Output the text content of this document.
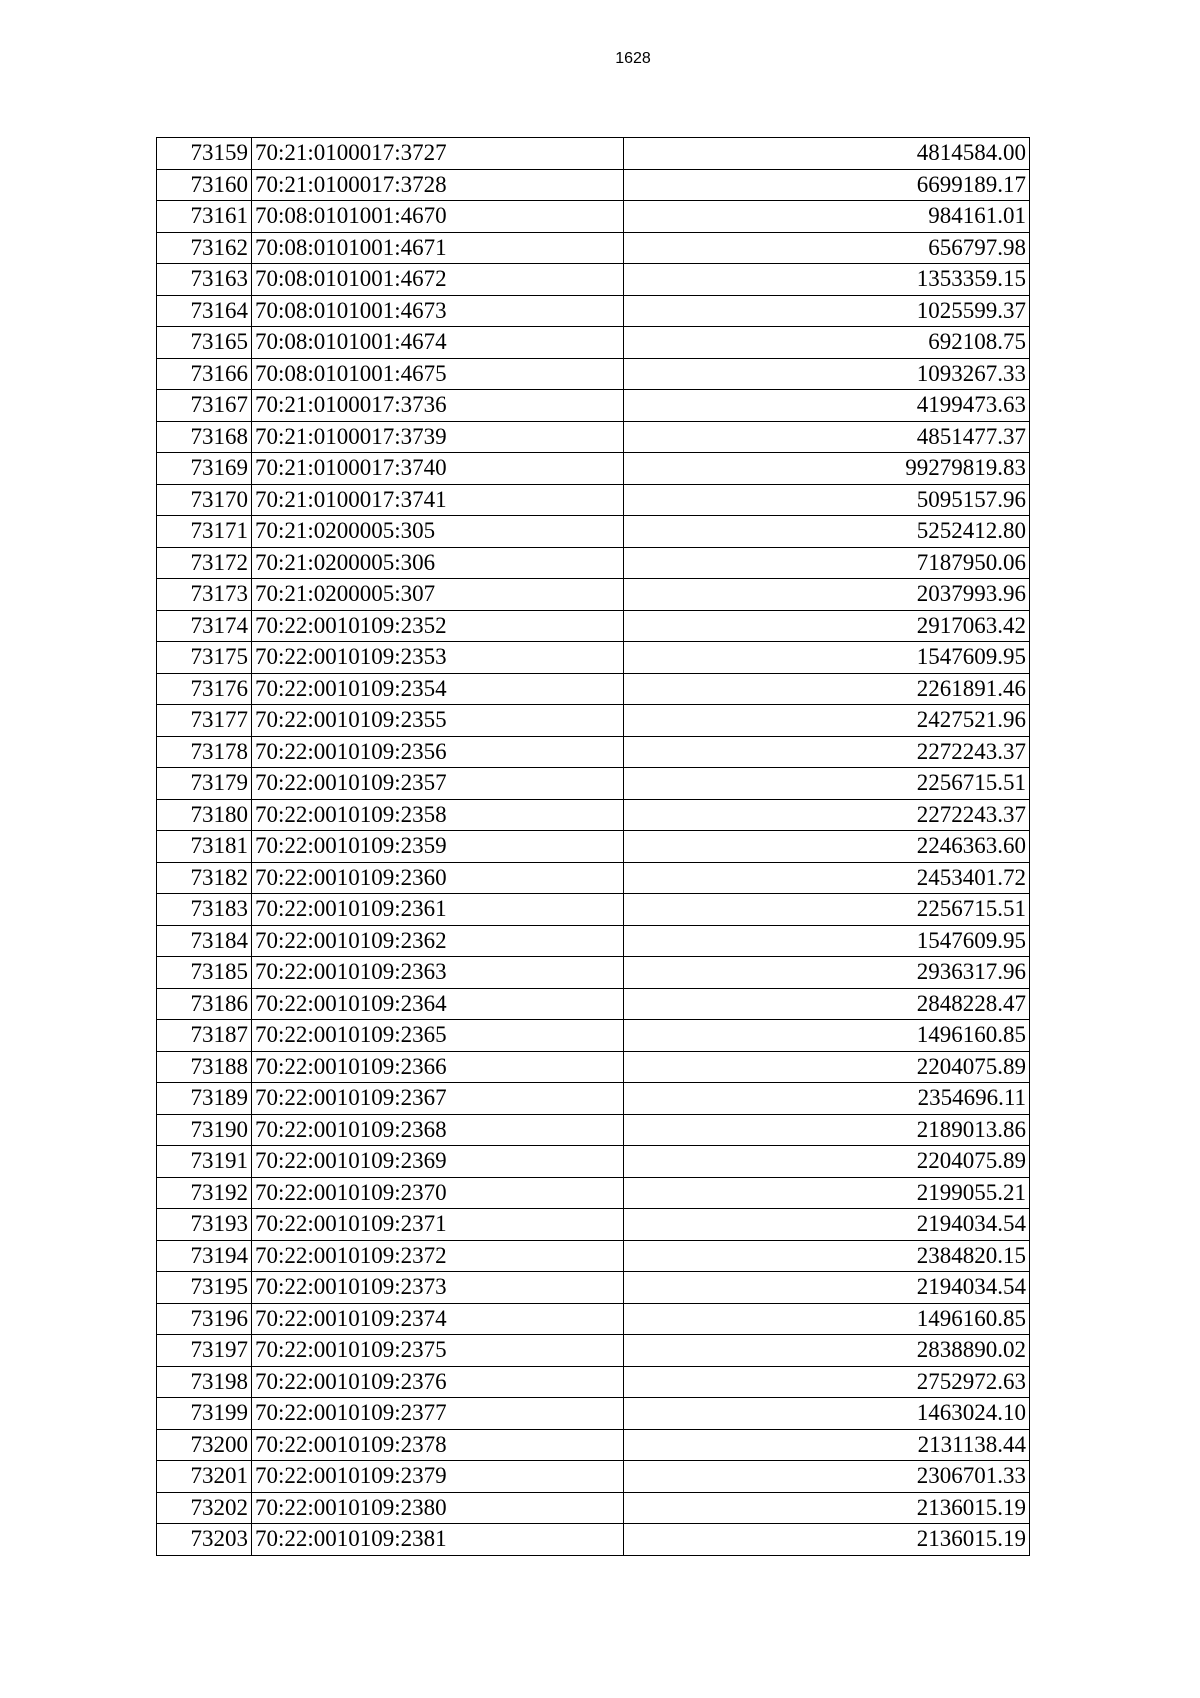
1628
73159	70:21:0100017:3727	4814584.00
73160	70:21:0100017:3728	6699189.17
73161	70:08:0101001:4670	984161.01
73162	70:08:0101001:4671	656797.98
73163	70:08:0101001:4672	1353359.15
73164	70:08:0101001:4673	1025599.37
73165	70:08:0101001:4674	692108.75
73166	70:08:0101001:4675	1093267.33
73167	70:21:0100017:3736	4199473.63
73168	70:21:0100017:3739	4851477.37
73169	70:21:0100017:3740	99279819.83
73170	70:21:0100017:3741	5095157.96
73171	70:21:0200005:305	5252412.80
73172	70:21:0200005:306	7187950.06
73173	70:21:0200005:307	2037993.96
73174	70:22:0010109:2352	2917063.42
73175	70:22:0010109:2353	1547609.95
73176	70:22:0010109:2354	2261891.46
73177	70:22:0010109:2355	2427521.96
73178	70:22:0010109:2356	2272243.37
73179	70:22:0010109:2357	2256715.51
73180	70:22:0010109:2358	2272243.37
73181	70:22:0010109:2359	2246363.60
73182	70:22:0010109:2360	2453401.72
73183	70:22:0010109:2361	2256715.51
73184	70:22:0010109:2362	1547609.95
73185	70:22:0010109:2363	2936317.96
73186	70:22:0010109:2364	2848228.47
73187	70:22:0010109:2365	1496160.85
73188	70:22:0010109:2366	2204075.89
73189	70:22:0010109:2367	2354696.11
73190	70:22:0010109:2368	2189013.86
73191	70:22:0010109:2369	2204075.89
73192	70:22:0010109:2370	2199055.21
73193	70:22:0010109:2371	2194034.54
73194	70:22:0010109:2372	2384820.15
73195	70:22:0010109:2373	2194034.54
73196	70:22:0010109:2374	1496160.85
73197	70:22:0010109:2375	2838890.02
73198	70:22:0010109:2376	2752972.63
73199	70:22:0010109:2377	1463024.10
73200	70:22:0010109:2378	2131138.44
73201	70:22:0010109:2379	2306701.33
73202	70:22:0010109:2380	2136015.19
73203	70:22:0010109:2381	2136015.19
